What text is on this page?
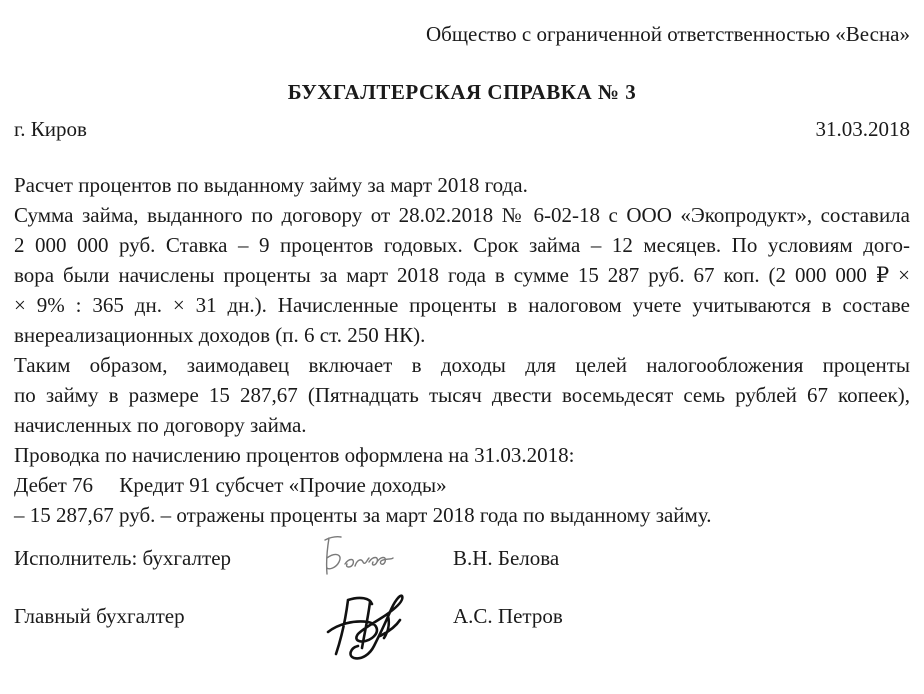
Общество с ограниченной ответственностью «Весна»
БУХГАЛТЕРСКАЯ СПРАВКА № 3
г. Киров	31.03.2018
Расчет процентов по выданному займу за март 2018 года.
Сумма займа, выданного по договору от 28.02.2018 № 6-02-18 с ООО «Экопродукт», составила
2 000 000 руб. Ставка – 9 процентов годовых. Срок займа – 12 месяцев. По условиям дого-
вора были начислены проценты за март 2018 года в сумме 15 287 руб. 67 коп. (2 000 000 ₽ ×
× 9% : 365 дн. × 31 дн.). Начисленные проценты в налоговом учете учитываются в составе
внереализационных доходов (п. 6 ст. 250 НК).
Таким образом, заимодавец включает в доходы для целей налогообложения проценты
по займу в размере 15 287,67 (Пятнадцать тысяч двести восемьдесят семь рублей 67 копеек),
начисленных по договору займа.
Проводка по начислению процентов оформлена на 31.03.2018:
Дебет 76     Кредит 91 субсчет «Прочие доходы»
– 15 287,67 руб. – отражены проценты за март 2018 года по выданному займу.
Исполнитель: бухгалтер	В.Н. Белова
Главный бухгалтер	А.С. Петров
